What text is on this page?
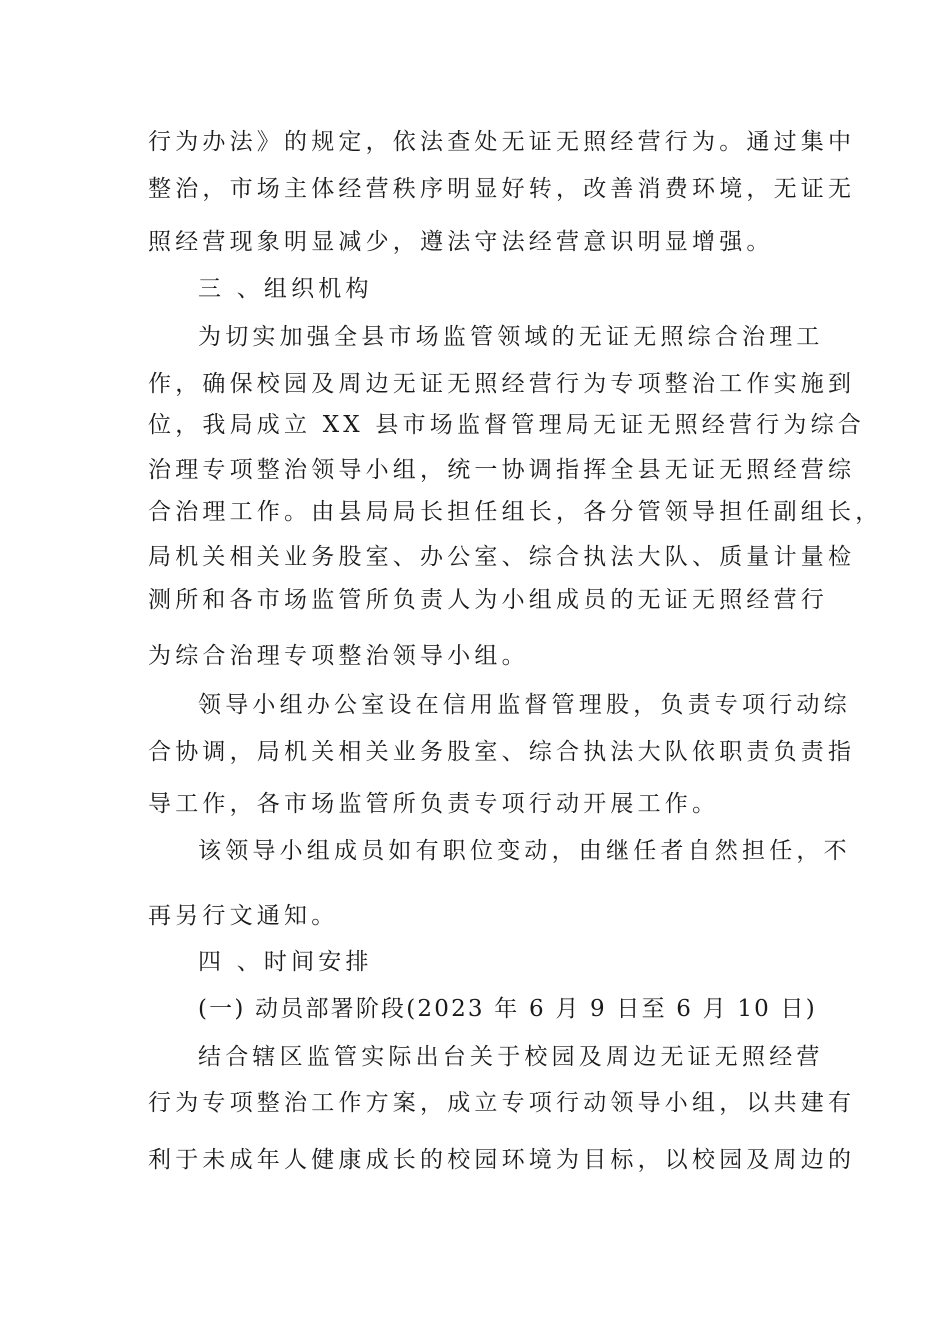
行为办法》的规定，依法查处无证无照经营行为。通过集中
整治，市场主体经营秩序明显好转，改善消费环境，无证无
照经营现象明显减少，遵法守法经营意识明显增强。
三 、组织机构
为切实加强全县市场监管领域的无证无照综合治理工
作，确保校园及周边无证无照经营行为专项整治工作实施到
位，我局成立 XX 县市场监督管理局无证无照经营行为综合
治理专项整治领导小组，统一协调指挥全县无证无照经营综
合治理工作。由县局局长担任组长，各分管领导担任副组长，
局机关相关业务股室、办公室、综合执法大队、质量计量检
测所和各市场监管所负责人为小组成员的无证无照经营行
为综合治理专项整治领导小组。
领导小组办公室设在信用监督管理股，负责专项行动综
合协调，局机关相关业务股室、综合执法大队依职责负责指
导工作，各市场监管所负责专项行动开展工作。
该领导小组成员如有职位变动，由继任者自然担任，不
再另行文通知。
四 、时间安排
(一) 动员部署阶段(2023 年 6 月 9 日至 6 月 10 日)
结合辖区监管实际出台关于校园及周边无证无照经营
行为专项整治工作方案，成立专项行动领导小组，以共建有
利于未成年人健康成长的校园环境为目标，以校园及周边的
